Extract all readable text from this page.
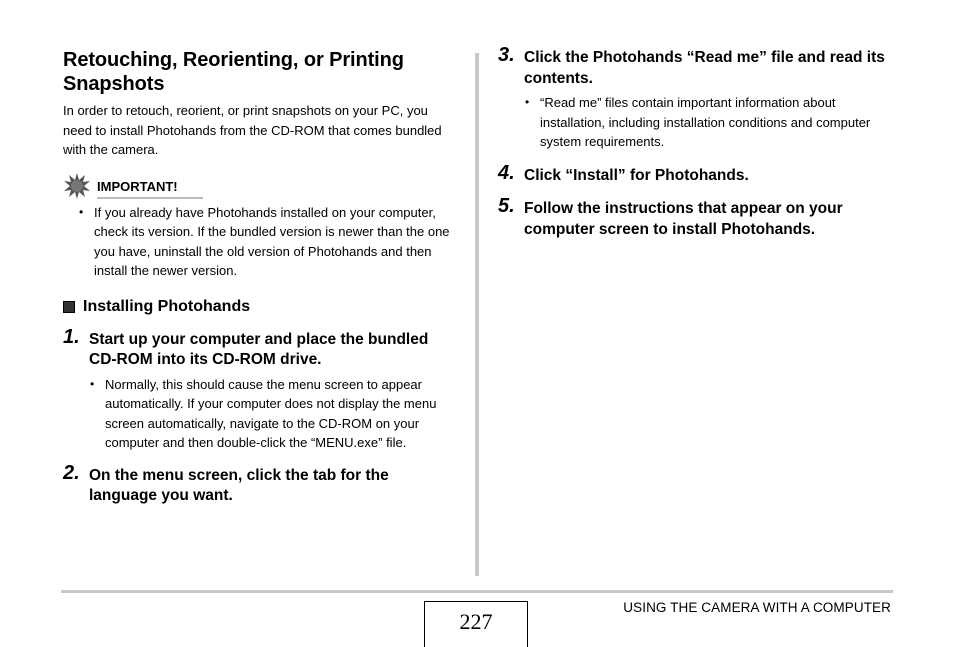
Retouching, Reorienting, or Printing Snapshots

In order to retouch, reorient, or print snapshots on your PC, you need to install Photohands from the CD-ROM that comes bundled with the camera.

IMPORTANT!
• If you already have Photohands installed on your computer, check its version. If the bundled version is newer than the one you have, uninstall the old version of Photohands and then install the newer version.
Installing Photohands
1. Start up your computer and place the bundled CD-ROM into its CD-ROM drive.
• Normally, this should cause the menu screen to appear automatically. If your computer does not display the menu screen automatically, navigate to the CD-ROM on your computer and then double-click the “MENU.exe” file.
2. On the menu screen, click the tab for the language you want.
3. Click the Photohands “Read me” file and read its contents.
• “Read me” files contain important information about installation, including installation conditions and computer system requirements.
4. Click “Install” for Photohands.
5. Follow the instructions that appear on your computer screen to install Photohands.
227
USING THE CAMERA WITH A COMPUTER
